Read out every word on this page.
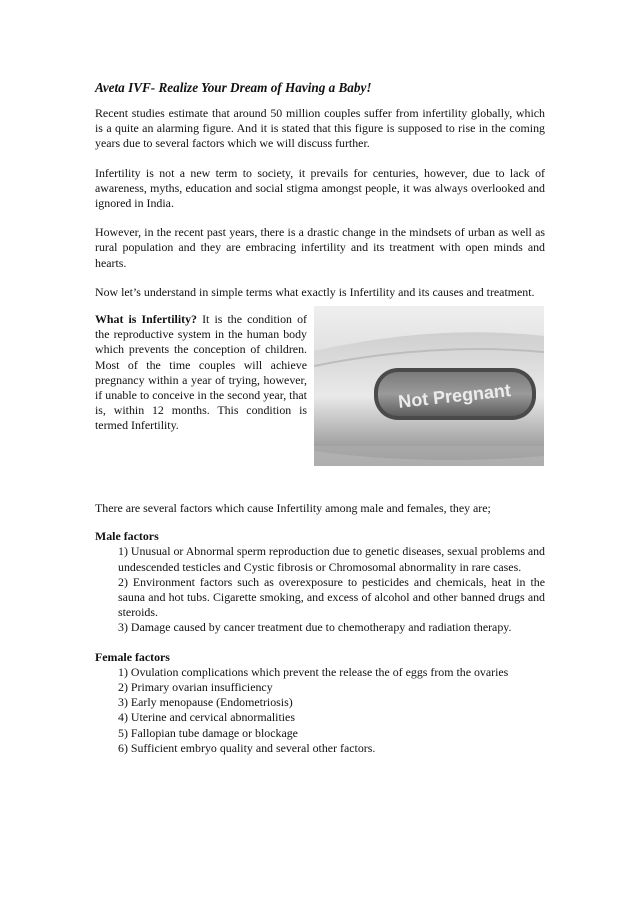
Aveta IVF- Realize Your Dream of Having a Baby!

Recent studies estimate that around 50 million couples suffer from infertility globally, which is a quite an alarming figure. And it is stated that this figure is supposed to rise in the coming years due to several factors which we will discuss further.

Infertility is not a new term to society, it prevails for centuries, however, due to lack of awareness, myths, education and social stigma amongst people, it was always overlooked and ignored in India.

However, in the recent past years, there is a drastic change in the mindsets of urban as well as rural population and they are embracing infertility and its treatment with open minds and hearts.

Now let’s understand in simple terms what exactly is Infertility and its causes and treatment.

What is Infertility? It is the condition of the reproductive system in the human body which prevents the conception of children. Most of the time couples will achieve pregnancy within a year of trying, however, if unable to conceive in the second year, that is, within 12 months. This condition is termed Infertility.
Not Pregnant

There are several factors which cause Infertility among male and females, they are;

Male factors
1) Unusual or Abnormal sperm reproduction due to genetic diseases, sexual problems and undescended testicles and Cystic fibrosis or Chromosomal abnormality in rare cases.
2) Environment factors such as overexposure to pesticides and chemicals, heat in the sauna and hot tubs. Cigarette smoking, and excess of alcohol and other banned drugs and steroids.
3) Damage caused by cancer treatment due to chemotherapy and radiation therapy.
Female factors
1) Ovulation complications which prevent the release the of eggs from the ovaries
2) Primary ovarian insufficiency
3) Early menopause (Endometriosis)
4) Uterine and cervical abnormalities
5) Fallopian tube damage or blockage
6) Sufficient embryo quality and several other factors.
